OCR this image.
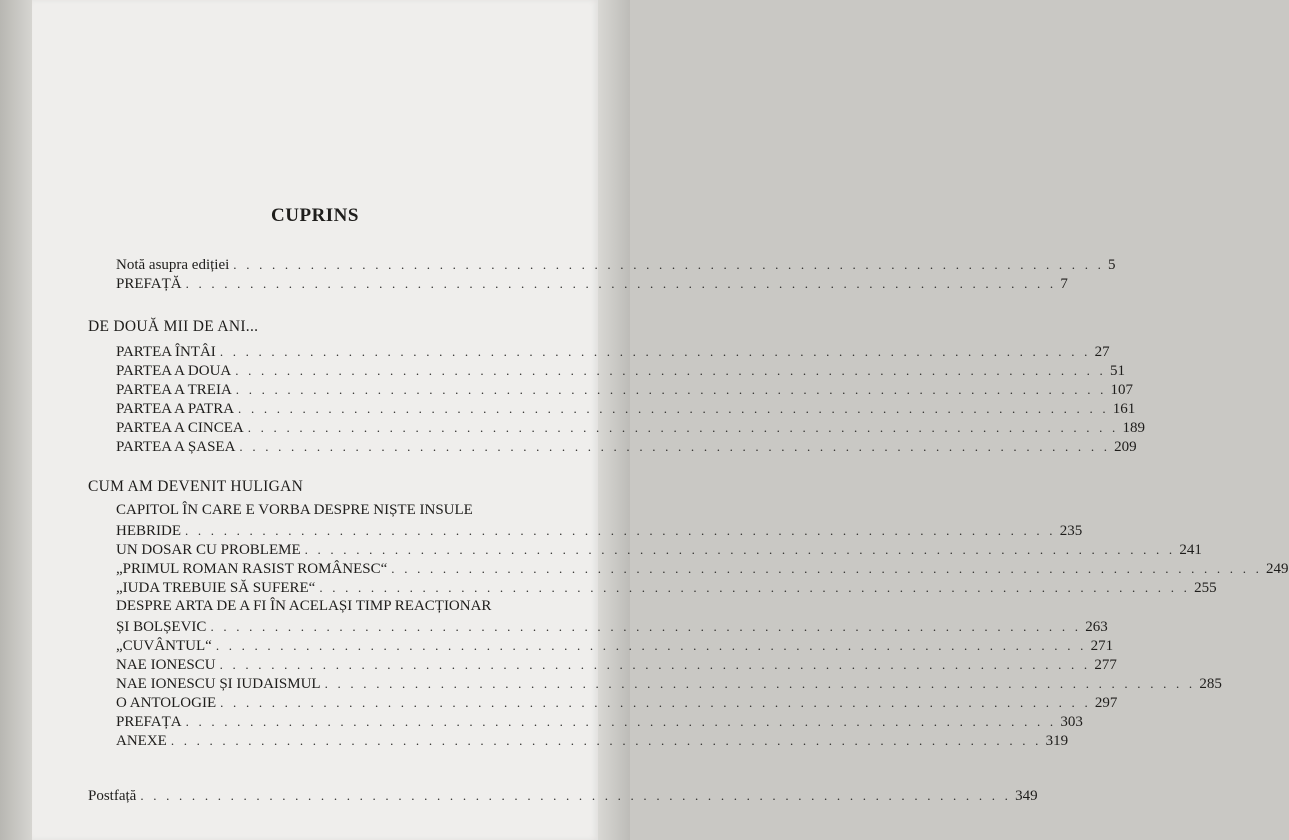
CUPRINS
Notă asupra ediției . . . . . . . . . . . . . . . . . . . . . . . . . . . . . . . . . . . . . . . . . . . . . . . . . . . . . . . . . . . . . . . . . . . . 5
PREFAȚĂ . . . . . . . . . . . . . . . . . . . . . . . . . . . . . . . . . . . . . . . . . . . . . . . . . . . . . . . . . . . . . . . . . . . . 7
DE DOUĂ MII DE ANI...
PARTEA ÎNTÂI . . . . . . . . . . . . . . . . . . . . . . . . . . . . . . . . . . . . . . . . . . . . . . . . . . . . . . . . . . . . . . . . . . . . 27
PARTEA A DOUA . . . . . . . . . . . . . . . . . . . . . . . . . . . . . . . . . . . . . . . . . . . . . . . . . . . . . . . . . . . . . . . . . . . . 51
PARTEA A TREIA . . . . . . . . . . . . . . . . . . . . . . . . . . . . . . . . . . . . . . . . . . . . . . . . . . . . . . . . . . . . . . . . . . . . 107
PARTEA A PATRA . . . . . . . . . . . . . . . . . . . . . . . . . . . . . . . . . . . . . . . . . . . . . . . . . . . . . . . . . . . . . . . . . . . . 161
PARTEA A CINCEA . . . . . . . . . . . . . . . . . . . . . . . . . . . . . . . . . . . . . . . . . . . . . . . . . . . . . . . . . . . . . . . . . . . . 189
PARTEA A ȘASEA . . . . . . . . . . . . . . . . . . . . . . . . . . . . . . . . . . . . . . . . . . . . . . . . . . . . . . . . . . . . . . . . . . . . 209
CUM AM DEVENIT HULIGAN
CAPITOL ÎN CARE E VORBA DESPRE NIȘTE INSULE
HEBRIDE . . . . . . . . . . . . . . . . . . . . . . . . . . . . . . . . . . . . . . . . . . . . . . . . . . . . . . . . . . . . . . . . . . . . 235
UN DOSAR CU PROBLEME . . . . . . . . . . . . . . . . . . . . . . . . . . . . . . . . . . . . . . . . . . . . . . . . . . . . . . . . . . . . . . . . . . . . 241
„PRIMUL ROMAN RASIST ROMÂNESC“ . . . . . . . . . . . . . . . . . . . . . . . . . . . . . . . . . . . . . . . . . . . . . . . . . . . . . . . . . . . . . . . . . . . . 249
„IUDA TREBUIE SĂ SUFERE“ . . . . . . . . . . . . . . . . . . . . . . . . . . . . . . . . . . . . . . . . . . . . . . . . . . . . . . . . . . . . . . . . . . . . 255
DESPRE ARTA DE A FI ÎN ACELAȘI TIMP REACȚIONAR
ȘI BOLȘEVIC . . . . . . . . . . . . . . . . . . . . . . . . . . . . . . . . . . . . . . . . . . . . . . . . . . . . . . . . . . . . . . . . . . . . 263
„CUVÂNTUL“ . . . . . . . . . . . . . . . . . . . . . . . . . . . . . . . . . . . . . . . . . . . . . . . . . . . . . . . . . . . . . . . . . . . . 271
NAE IONESCU . . . . . . . . . . . . . . . . . . . . . . . . . . . . . . . . . . . . . . . . . . . . . . . . . . . . . . . . . . . . . . . . . . . . 277
NAE IONESCU ȘI IUDAISMUL . . . . . . . . . . . . . . . . . . . . . . . . . . . . . . . . . . . . . . . . . . . . . . . . . . . . . . . . . . . . . . . . . . . . 285
O ANTOLOGIE . . . . . . . . . . . . . . . . . . . . . . . . . . . . . . . . . . . . . . . . . . . . . . . . . . . . . . . . . . . . . . . . . . . . 297
PREFAȚA . . . . . . . . . . . . . . . . . . . . . . . . . . . . . . . . . . . . . . . . . . . . . . . . . . . . . . . . . . . . . . . . . . . . 303
ANEXE . . . . . . . . . . . . . . . . . . . . . . . . . . . . . . . . . . . . . . . . . . . . . . . . . . . . . . . . . . . . . . . . . . . . 319
Postfață . . . . . . . . . . . . . . . . . . . . . . . . . . . . . . . . . . . . . . . . . . . . . . . . . . . . . . . . . . . . . . . . . . . . 349
